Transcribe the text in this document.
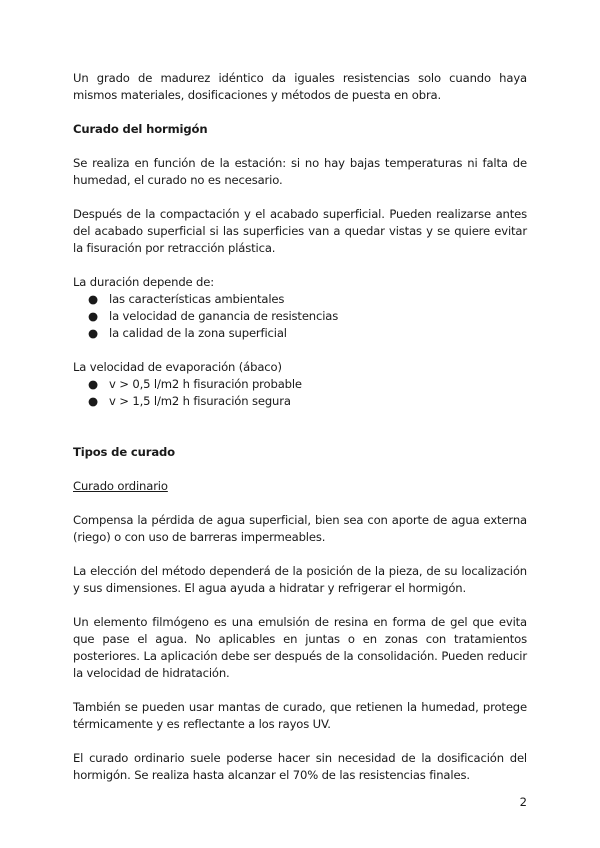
Un grado de madurez idéntico da iguales resistencias solo cuando haya mismos materiales, dosificaciones y métodos de puesta en obra.

Curado del hormigón

Se realiza en función de la estación: si no hay bajas temperaturas ni falta de humedad, el curado no es necesario.

Después de la compactación y el acabado superficial. Pueden realizarse antes del acabado superficial si las superficies van a quedar vistas y se quiere evitar la fisuración por retracción plástica.

La duración depende de:

● las características ambientales
● la velocidad de ganancia de resistencias
● la calidad de la zona superficial

La velocidad de evaporación (ábaco)

● v > 0,5 l/m2 h fisuración probable
● v > 1,5 l/m2 h fisuración segura

Tipos de curado

Curado ordinario

Compensa la pérdida de agua superficial, bien sea con aporte de agua externa (riego) o con uso de barreras impermeables.

La elección del método dependerá de la posición de la pieza, de su localización y sus dimensiones. El agua ayuda a hidratar y refrigerar el hormigón.

Un elemento filmógeno es una emulsión de resina en forma de gel que evita que pase el agua. No aplicables en juntas o en zonas con tratamientos posteriores. La aplicación debe ser después de la consolidación. Pueden reducir la velocidad de hidratación.

También se pueden usar mantas de curado, que retienen la humedad, protege térmicamente y es reflectante a los rayos UV.

El curado ordinario suele poderse hacer sin necesidad de la dosificación del hormigón. Se realiza hasta alcanzar el 70% de las resistencias finales.

2
